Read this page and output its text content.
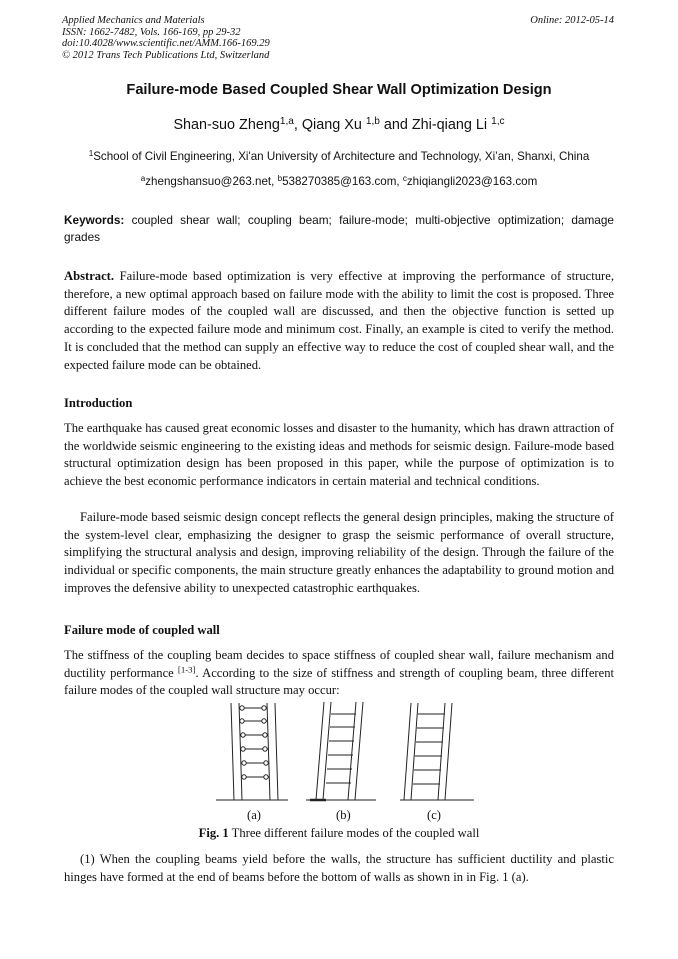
Applied Mechanics and Materials
ISSN: 1662-7482, Vols. 166-169, pp 29-32
doi:10.4028/www.scientific.net/AMM.166-169.29
© 2012 Trans Tech Publications Ltd, Switzerland
Online: 2012-05-14
Failure-mode Based Coupled Shear Wall Optimization Design
Shan-suo Zheng$^{1,a}$, Qiang Xu $^{1,b}$ and Zhi-qiang Li $^{1,c}$
$^1$School of Civil Engineering, Xi'an University of Architecture and Technology, Xi’an, Shanxi, China
$^a$zhengshansuo@263.net, $^b$538270385@163.com, $^c$zhiqiangli2023@163.com
Keywords: coupled shear wall; coupling beam; failure-mode; multi-objective optimization; damage grades
Abstract. Failure-mode based optimization is very effective at improving the performance of structure, therefore, a new optimal approach based on failure mode with the ability to limit the cost is proposed. Three different failure modes of the coupled wall are discussed, and then the objective function is setted up according to the expected failure mode and minimum cost. Finally, an example is cited to verify the method. It is concluded that the method can supply an effective way to reduce the cost of coupled shear wall, and the expected failure mode can be obtained.
Introduction
The earthquake has caused great economic losses and disaster to the humanity, which has drawn attraction of the worldwide seismic engineering to the existing ideas and methods for seismic design. Failure-mode based structural optimization design has been proposed in this paper, while the purpose of optimization is to achieve the best economic performance indicators in certain material and technical conditions.
Failure-mode based seismic design concept reflects the general design principles, making the structure of the system-level clear, emphasizing the designer to grasp the seismic performance of overall structure, simplifying the structural analysis and design, improving reliability of the design. Through the failure of the individual or specific components, the main structure greatly enhances the adaptability to ground motion and improves the defensive ability to unexpected catastrophic earthquakes.
Failure mode of coupled wall
The stiffness of the coupling beam decides to space stiffness of coupled shear wall, failure mechanism and ductility performance [1-3]. According to the size of stiffness and strength of coupling beam, three different failure modes of the coupled wall structure may occur:
(a)	(b)	(c)
Fig. 1 Three different failure modes of the coupled wall
(1) When the coupling beams yield before the walls, the structure has sufficient ductility and plastic hinges have formed at the end of beams before the bottom of walls as shown in in Fig. 1 (a).
